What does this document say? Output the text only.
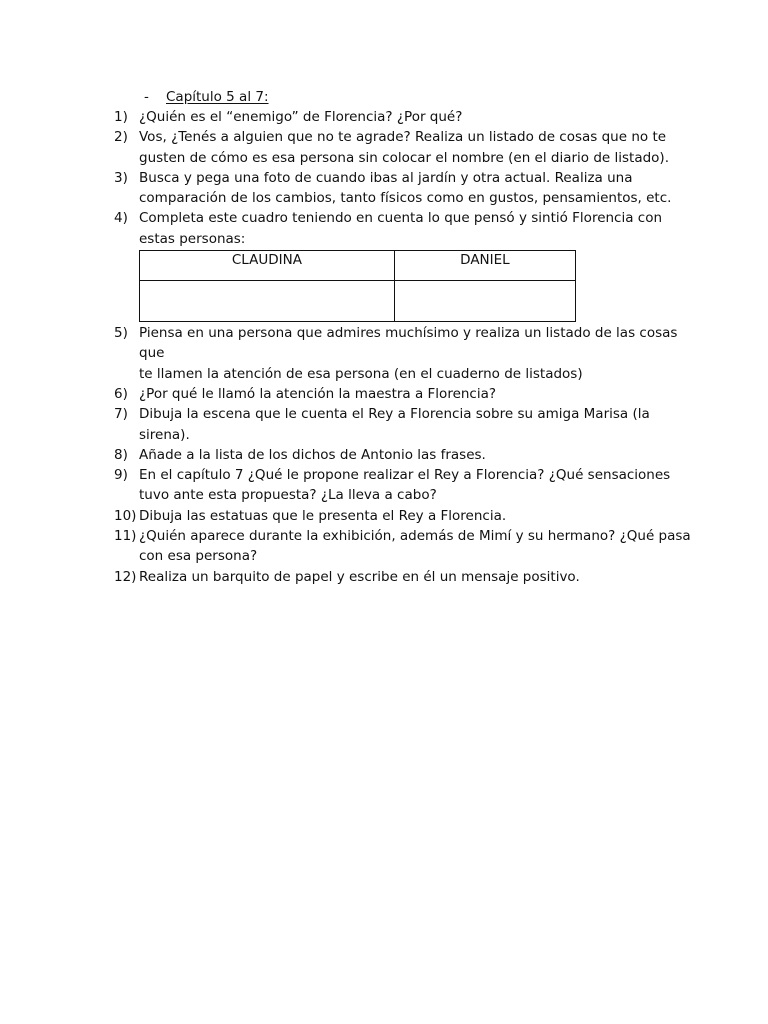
- Capítulo 5 al 7:
1) ¿Quién es el “enemigo” de Florencia? ¿Por qué?
2) Vos, ¿Tenés a alguien que no te agrade? Realiza un listado de cosas que no te
gusten de cómo es esa persona sin colocar el nombre (en el diario de listado).
3) Busca y pega una foto de cuando ibas al jardín y otra actual. Realiza una
comparación de los cambios, tanto físicos como en gustos, pensamientos, etc.
4) Completa este cuadro teniendo en cuenta lo que pensó y sintió Florencia con
estas personas:
CLAUDINA	DANIEL

5) Piensa en una persona que admires muchísimo y realiza un listado de las cosas que
te llamen la atención de esa persona (en el cuaderno de listados)
6) ¿Por qué le llamó la atención la maestra a Florencia?
7) Dibuja la escena que le cuenta el Rey a Florencia sobre su amiga Marisa (la
sirena).
8) Añade a la lista de los dichos de Antonio las frases.
9) En el capítulo 7 ¿Qué le propone realizar el Rey a Florencia? ¿Qué sensaciones
tuvo ante esta propuesta? ¿La lleva a cabo?
10) Dibuja las estatuas que le presenta el Rey a Florencia.
11) ¿Quién aparece durante la exhibición, además de Mimí y su hermano? ¿Qué pasa
con esa persona?
12) Realiza un barquito de papel y escribe en él un mensaje positivo.
